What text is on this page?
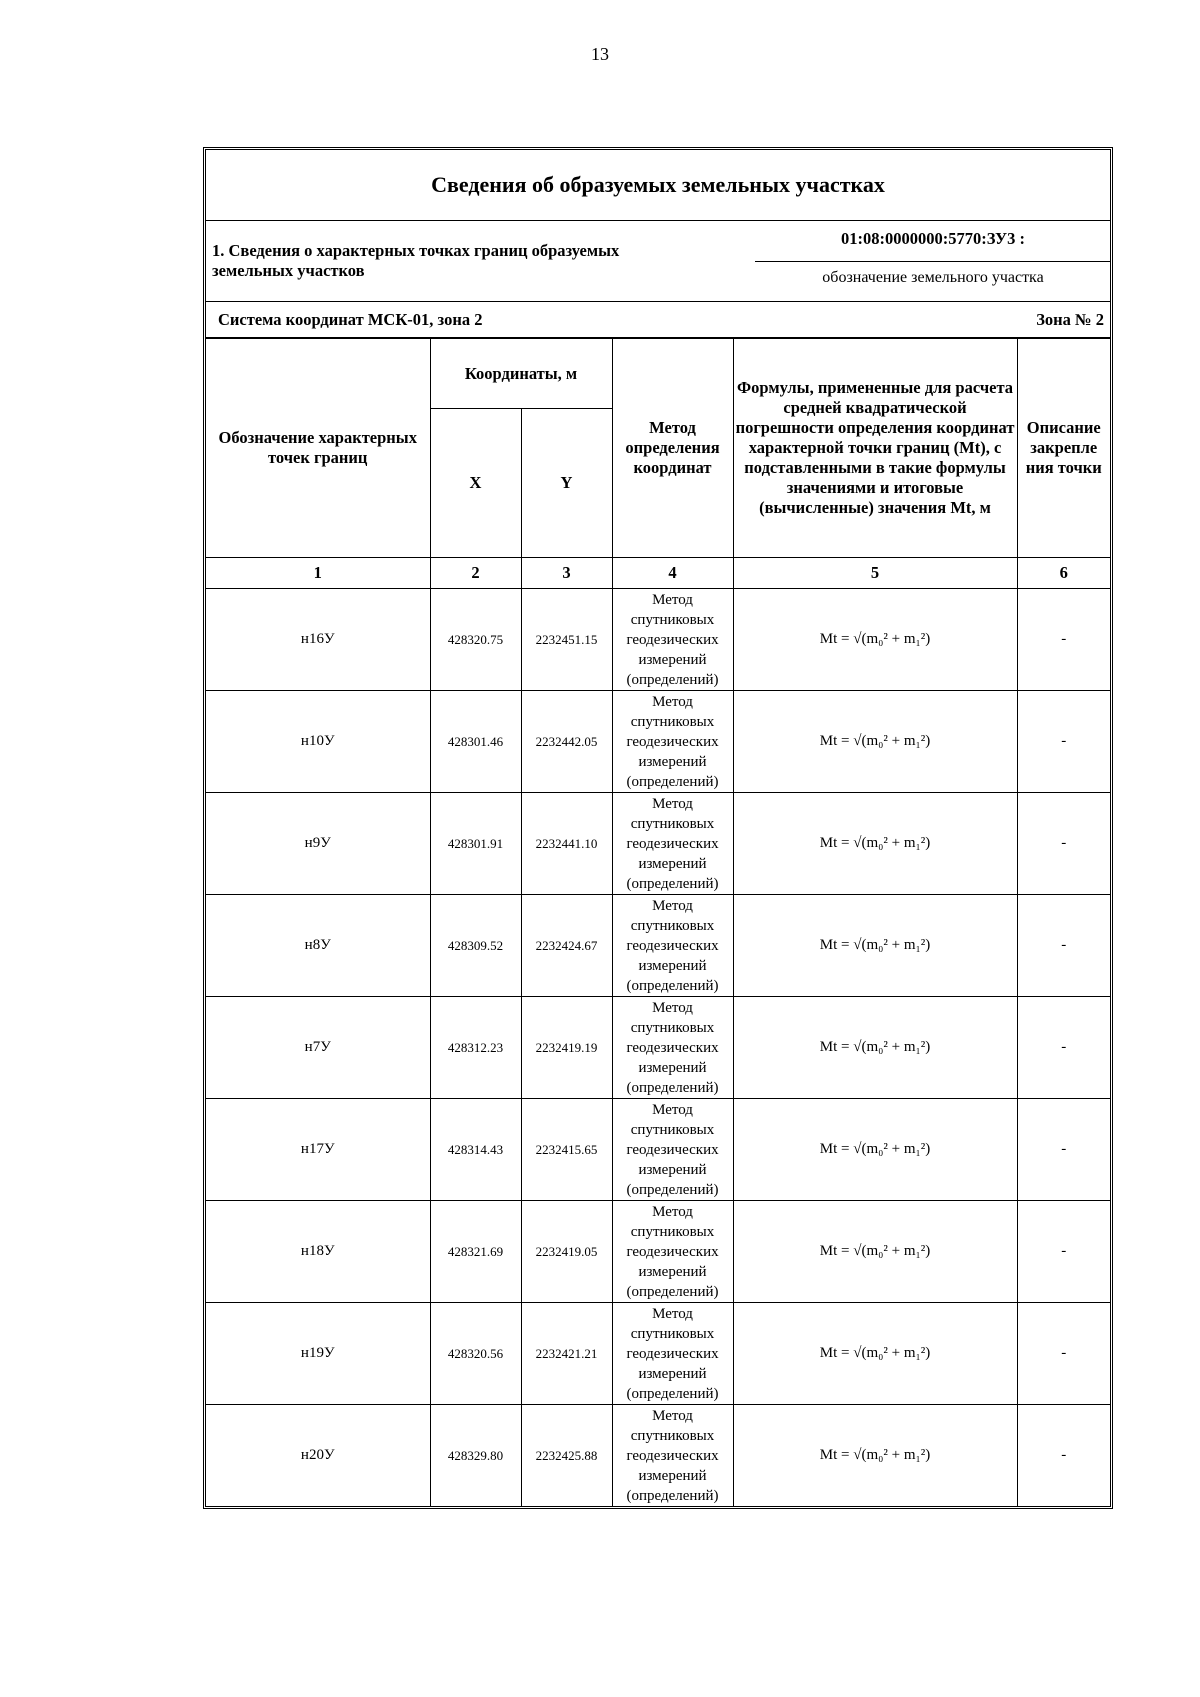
13
Сведения об образуемых земельных участках
1. Сведения о характерных точках границ образуемых земельных участков
01:08:0000000:5770:ЗУ3 :
обозначение земельного участка
Система координат МСК-01, зона 2	Зона № 2
Обозначение характерных точек границ	Координаты, м		Метод определения координат	Формулы, примененные для расчета средней квадратической погрешности определения координат характерной точки границ (Mt), с подставленными в такие формулы значениями и итоговые (вычисленные) значения Mt, м	Описание закрепле ния точки
	X	Y			
1	2	3	4	5	6
н16У	428320.75	2232451.15	Метод спутниковых геодезических измерений (определений)	Mt = √(m₀² + m₁²)	-
н10У	428301.46	2232442.05	Метод спутниковых геодезических измерений (определений)	Mt = √(m₀² + m₁²)	-
н9У	428301.91	2232441.10	Метод спутниковых геодезических измерений (определений)	Mt = √(m₀² + m₁²)	-
н8У	428309.52	2232424.67	Метод спутниковых геодезических измерений (определений)	Mt = √(m₀² + m₁²)	-
н7У	428312.23	2232419.19	Метод спутниковых геодезических измерений (определений)	Mt = √(m₀² + m₁²)	-
н17У	428314.43	2232415.65	Метод спутниковых геодезических измерений (определений)	Mt = √(m₀² + m₁²)	-
н18У	428321.69	2232419.05	Метод спутниковых геодезических измерений (определений)	Mt = √(m₀² + m₁²)	-
н19У	428320.56	2232421.21	Метод спутниковых геодезических измерений (определений)	Mt = √(m₀² + m₁²)	-
н20У	428329.80	2232425.88	Метод спутниковых геодезических измерений (определений)	Mt = √(m₀² + m₁²)	-
